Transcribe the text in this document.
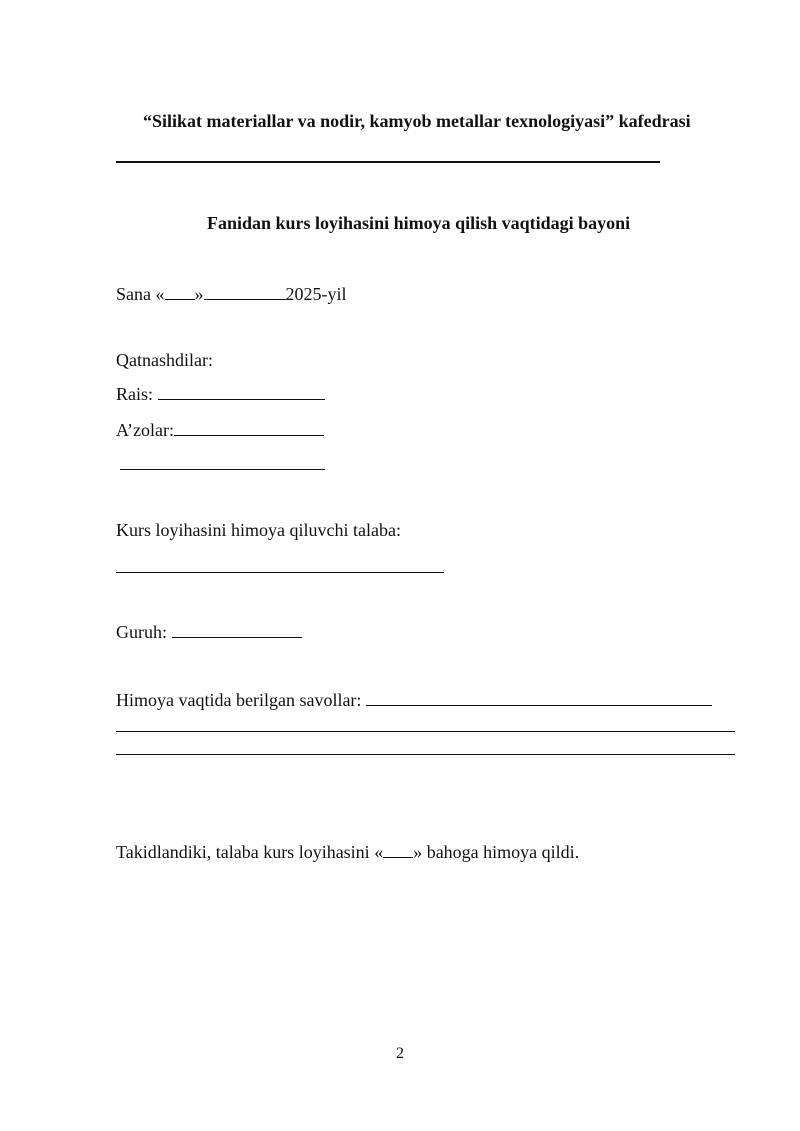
“Silikat materiallar va nodir, kamyob metallar texnologiyasi” kafedrasi
Fanidan kurs loyihasini himoya qilish vaqtidagi bayoni
Sana « »	2025-yil
Qatnashdilar:
Rais:
A’zolar:
Kurs loyihasini himoya qiluvchi talaba:
Guruh:
Himoya vaqtida berilgan savollar:
Takidlandiki, talaba kurs loyihasini « » bahoga himoya qildi.
2
